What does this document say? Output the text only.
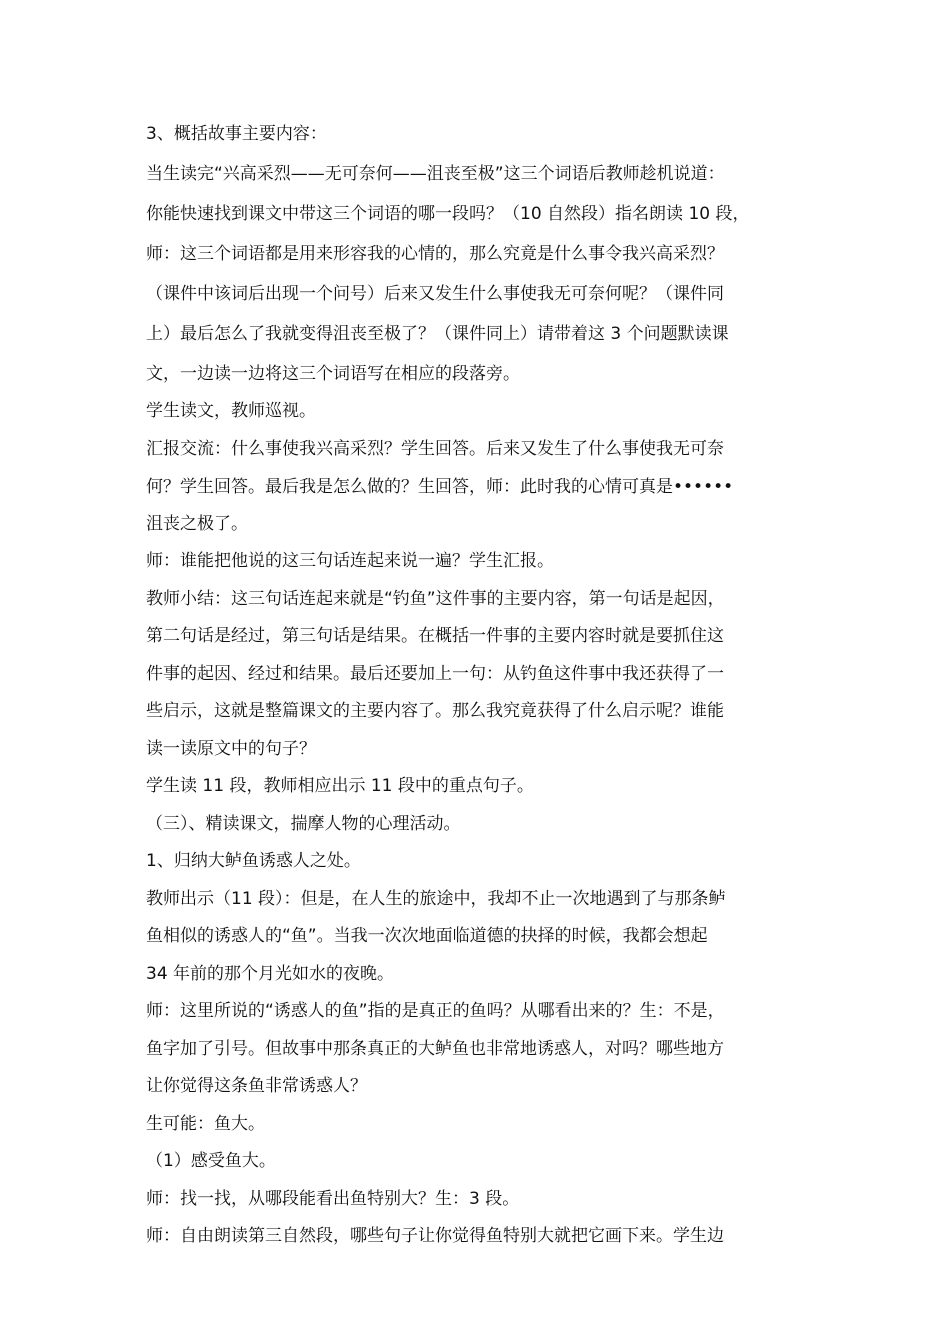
3、概括故事主要内容：
当生读完“兴高采烈——无可奈何——沮丧至极”这三个词语后教师趁机说道：
你能快速找到课文中带这三个词语的哪一段吗？（10 自然段）指名朗读 10 段，
师：这三个词语都是用来形容我的心情的，那么究竟是什么事令我兴高采烈？
（课件中该词后出现一个问号）后来又发生什么事使我无可奈何呢？（课件同
上）最后怎么了我就变得沮丧至极了？（课件同上）请带着这 3 个问题默读课
文，一边读一边将这三个词语写在相应的段落旁。
学生读文，教师巡视。
汇报交流：什么事使我兴高采烈？学生回答。后来又发生了什么事使我无可奈
何？学生回答。最后我是怎么做的？生回答，师：此时我的心情可真是••••••
沮丧之极了。
师：谁能把他说的这三句话连起来说一遍？学生汇报。
教师小结：这三句话连起来就是“钓鱼”这件事的主要内容，第一句话是起因，
第二句话是经过，第三句话是结果。在概括一件事的主要内容时就是要抓住这
件事的起因、经过和结果。最后还要加上一句：从钓鱼这件事中我还获得了一
些启示，这就是整篇课文的主要内容了。那么我究竟获得了什么启示呢？谁能
读一读原文中的句子？
学生读 11 段，教师相应出示 11 段中的重点句子。
（三）、精读课文，揣摩人物的心理活动。
1、归纳大鲈鱼诱惑人之处。
教师出示（11 段）：但是，在人生的旅途中，我却不止一次地遇到了与那条鲈
鱼相似的诱惑人的“鱼”。当我一次次地面临道德的抉择的时候，我都会想起
34 年前的那个月光如水的夜晚。
师：这里所说的“诱惑人的鱼”指的是真正的鱼吗？从哪看出来的？生：不是，
鱼字加了引号。但故事中那条真正的大鲈鱼也非常地诱惑人，对吗？哪些地方
让你觉得这条鱼非常诱惑人？
生可能：鱼大。
（1）感受鱼大。
师：找一找，从哪段能看出鱼特别大？生：3 段。
师：自由朗读第三自然段，哪些句子让你觉得鱼特别大就把它画下来。学生边
